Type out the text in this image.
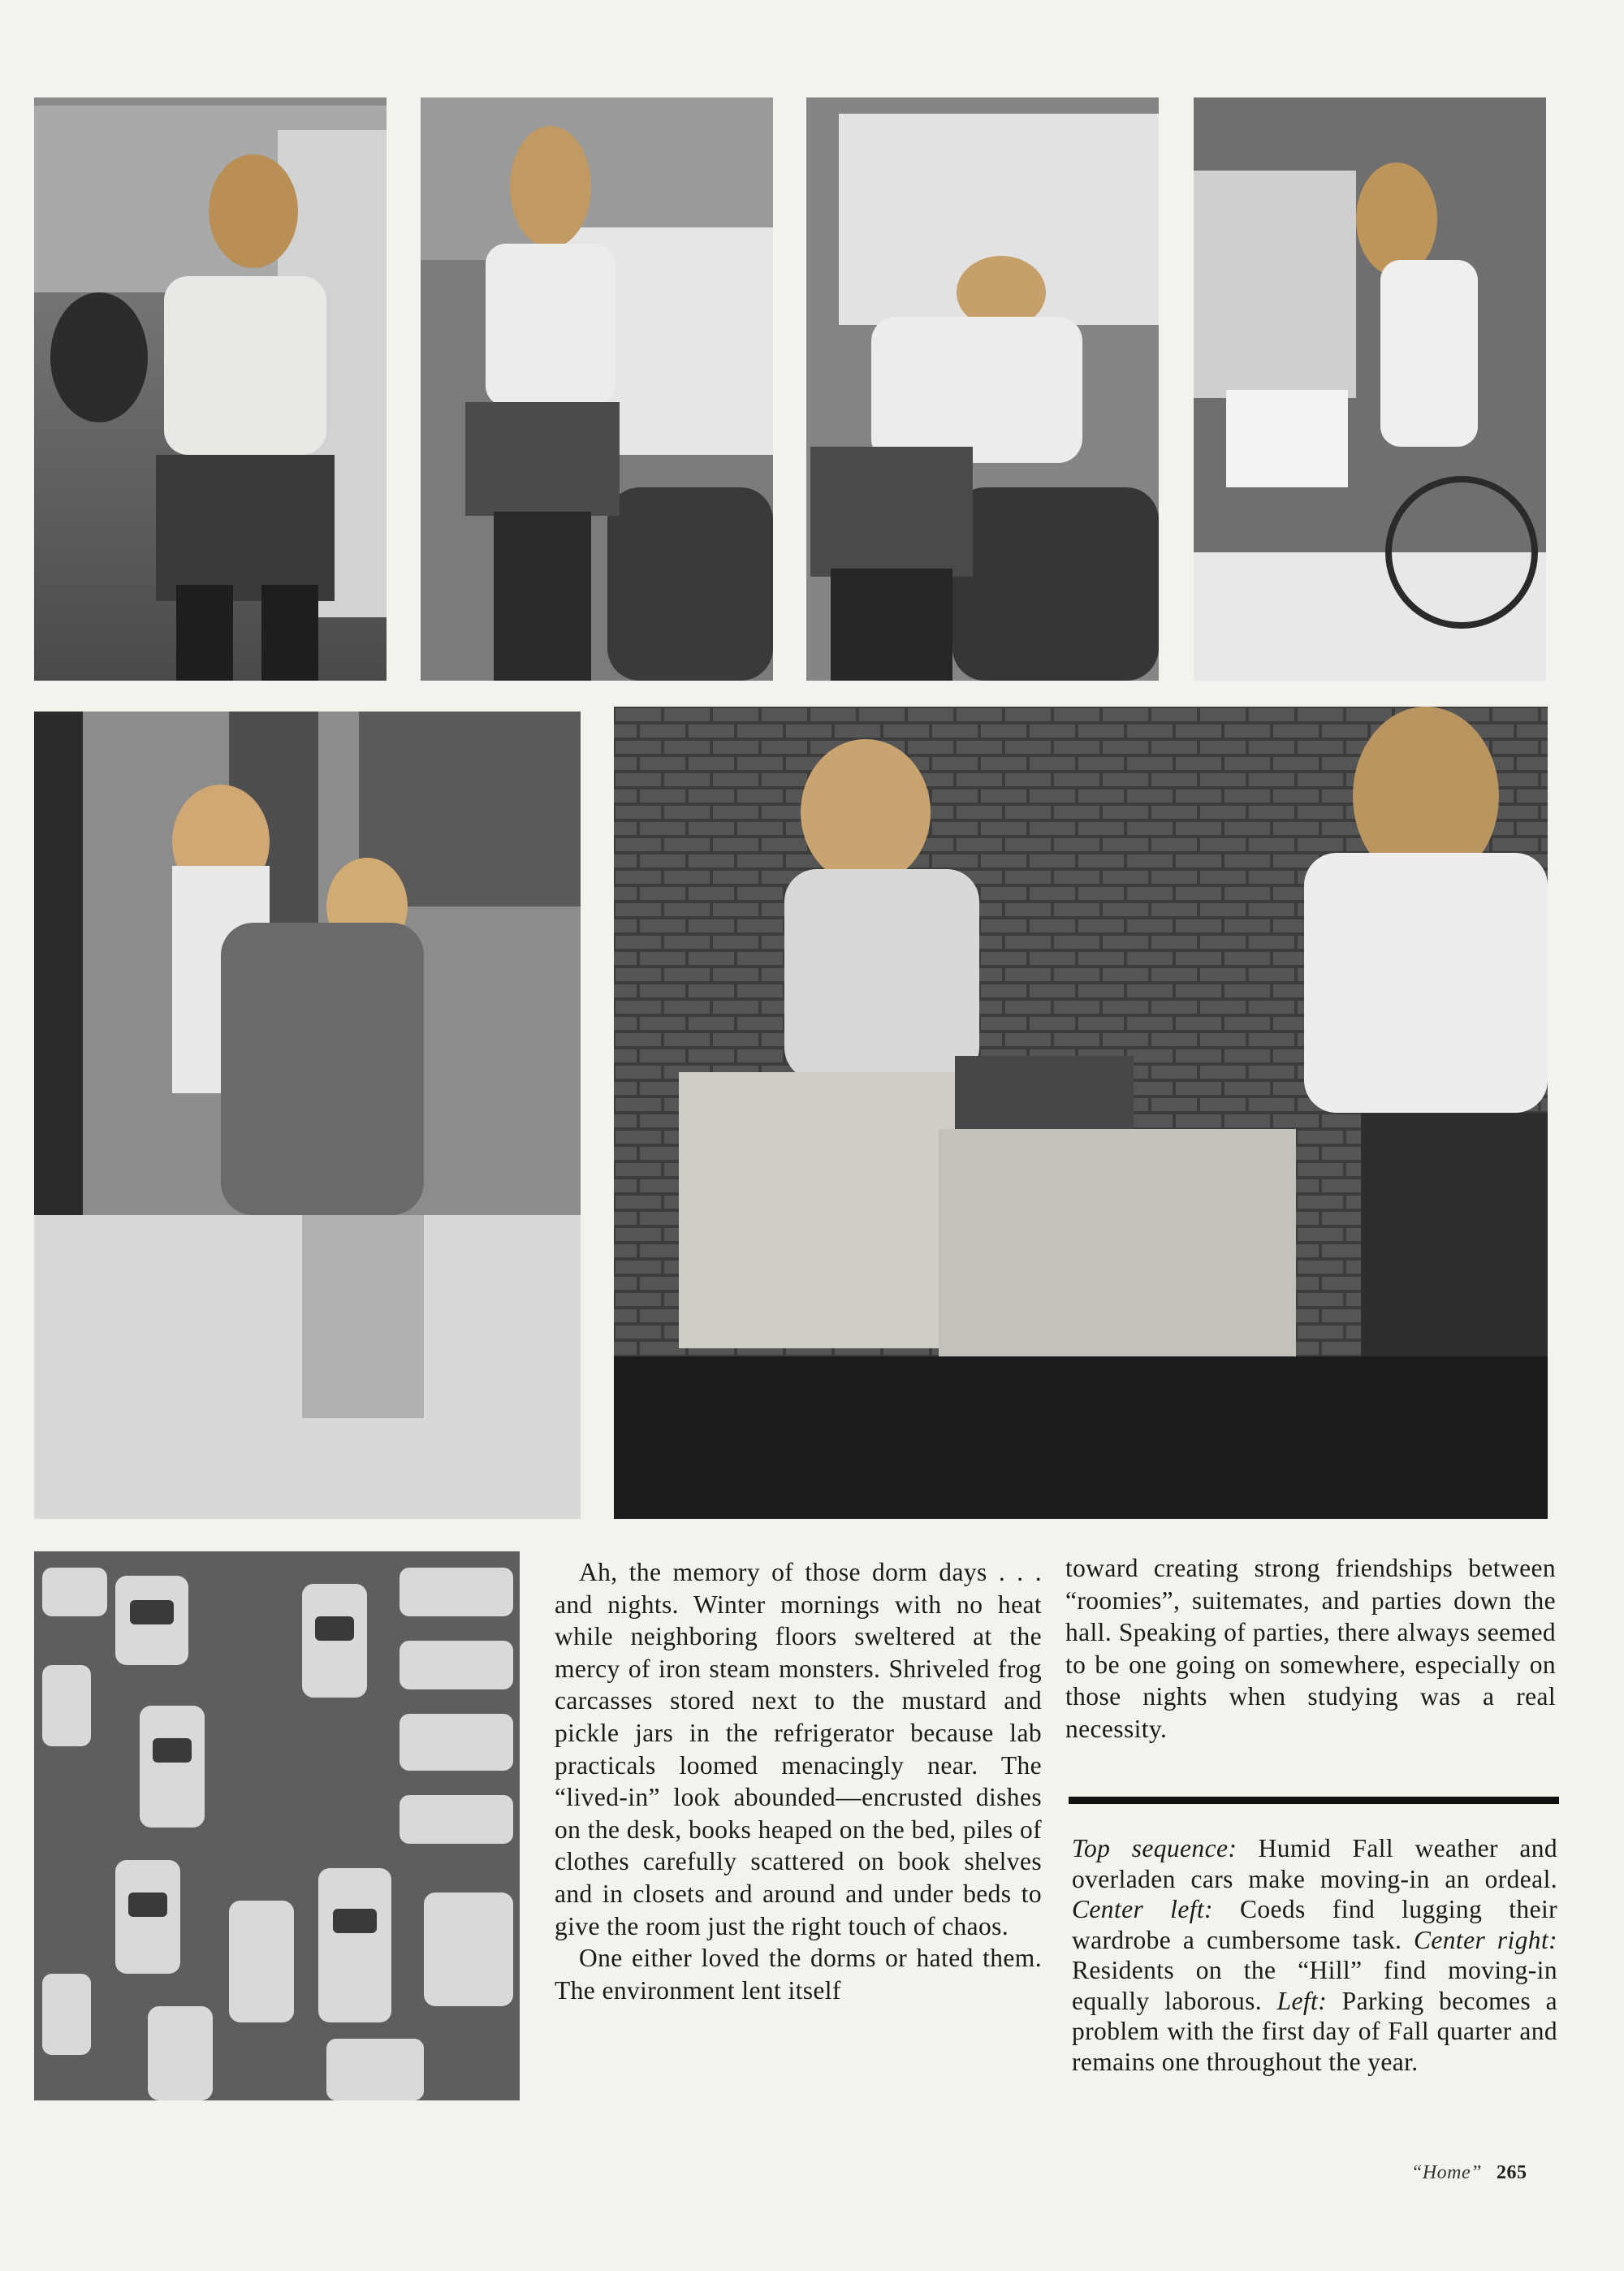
Ah, the memory of those dorm days . . . and nights. Winter mornings with no heat while neighboring floors sweltered at the mercy of iron steam monsters. Shriveled frog carcasses stored next to the mustard and pickle jars in the refrigerator because lab practicals loomed menacingly near. The “lived-in” look abounded—encrusted dishes on the desk, books heaped on the bed, piles of clothes carefully scattered on book shelves and in closets and around and under beds to give the room just the right touch of chaos.

One either loved the dorms or hated them. The environment lent itself

toward creating strong friendships between “roomies”, suitemates, and parties down the hall. Speaking of parties, there always seemed to be one going on somewhere, especially on those nights when studying was a real necessity.

Top sequence: Humid Fall weather and overladen cars make moving-in an ordeal. Center left: Coeds find lugging their wardrobe a cumbersome task. Center right: Residents on the “Hill” find moving-in equally laborous. Left: Parking becomes a problem with the first day of Fall quarter and remains one throughout the year.
“Home” 265
